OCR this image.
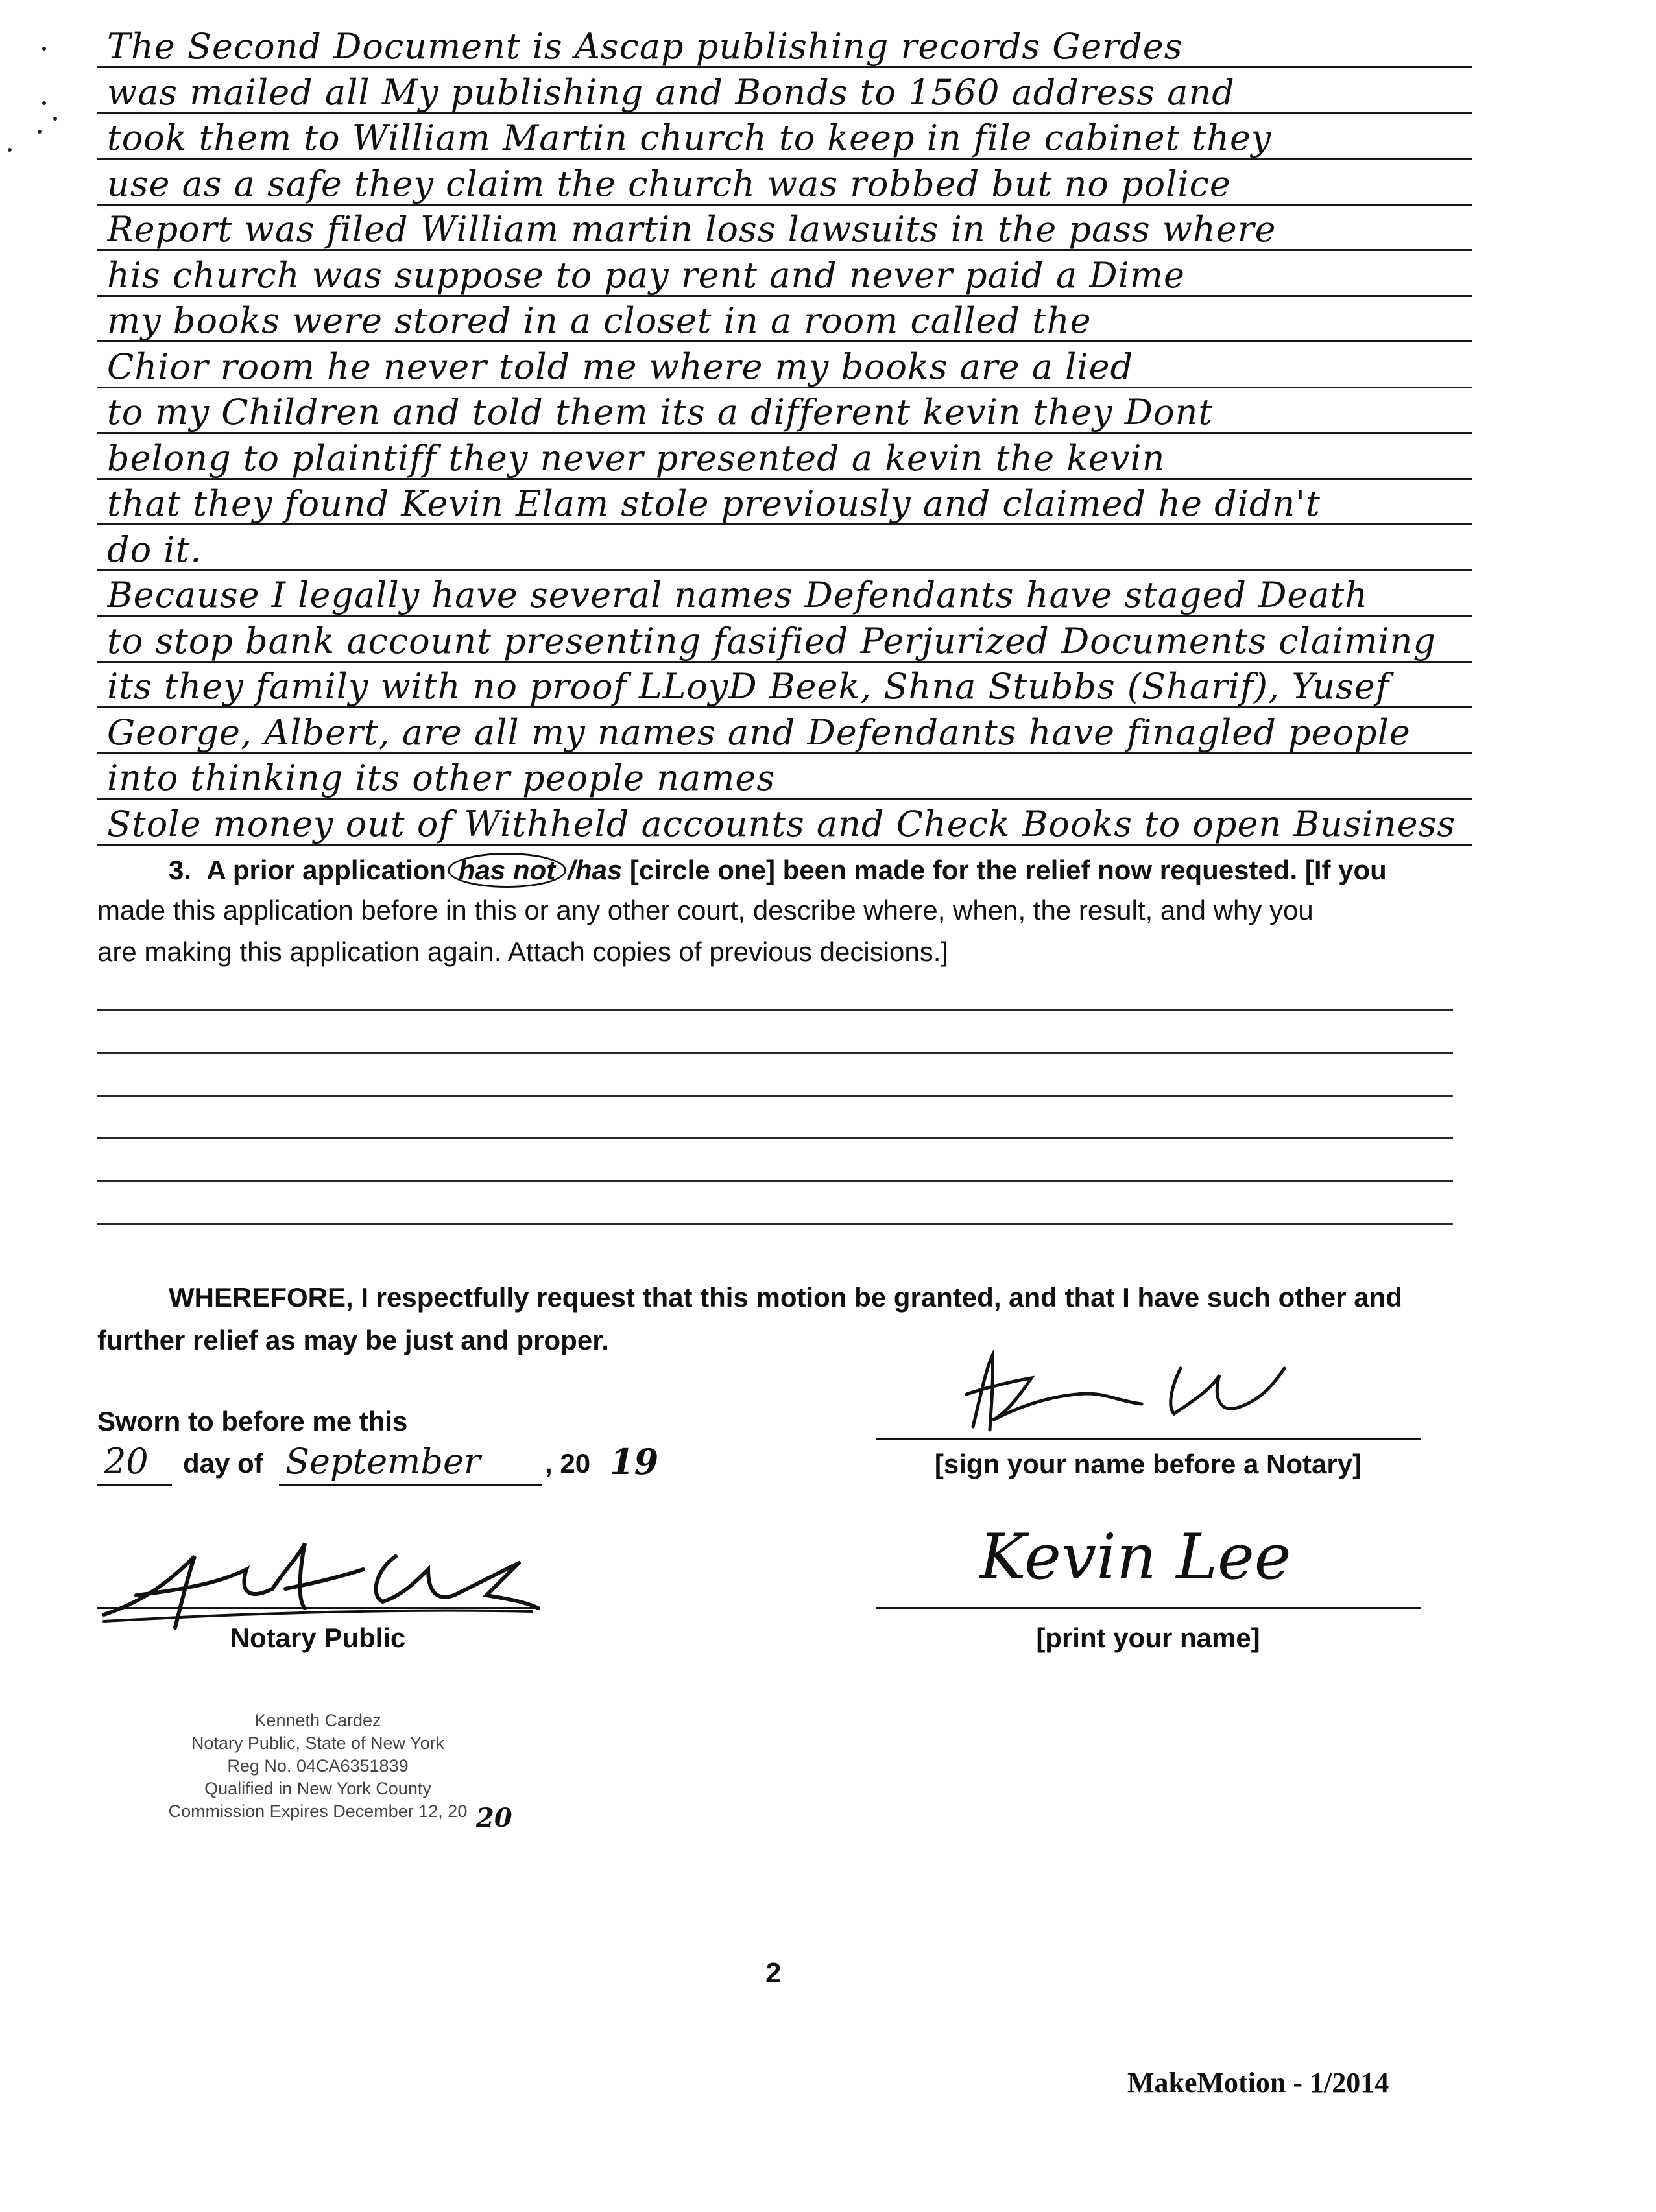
The Second Document is Ascap publishing records Gerdes
was mailed all My publishing and Bonds to 1560 address and
took them to William Martin church to keep in file cabinet they
use as a safe they claim the church was robbed but no police
Report was filed William martin loss lawsuits in the pass where
his church was suppose to pay rent and never paid a Dime
my books were stored in a closet in a room called the
Chior room he never told me where my books are a lied
to my Children and told them its a different kevin they Dont
belong to plaintiff they never presented a kevin the kevin
that they found Kevin Elam stole previously and claimed he didn't
do it.
Because I legally have several names Defendants have staged Death
to stop bank account presenting fasified Perjurized Documents claiming
its they family with no proof LLoyD Beek, Shna Stubbs (Sharif), Yusef
George, Albert, are all my names and Defendants have finagled people
into thinking its other people names
Stole money out of Withheld accounts and Check Books to open Business
3. A prior application has not /has [circle one] been made for the relief now requested. [If you
made this application before in this or any other court, describe where, when, the result, and why you
are making this application again. Attach copies of previous decisions.]
WHEREFORE, I respectfully request that this motion be granted, and that I have such other and
further relief as may be just and proper.
Sworn to before me this
20 day of September , 20 19	[sign your name before a Notary]
Kevin Lee
[print your name]
Notary Public
Kenneth Cardez
Notary Public, State of New York
Reg No. 04CA6351839
Qualified in New York County
Commission Expires December 12, 20 20
2
MakeMotion - 1/2014
